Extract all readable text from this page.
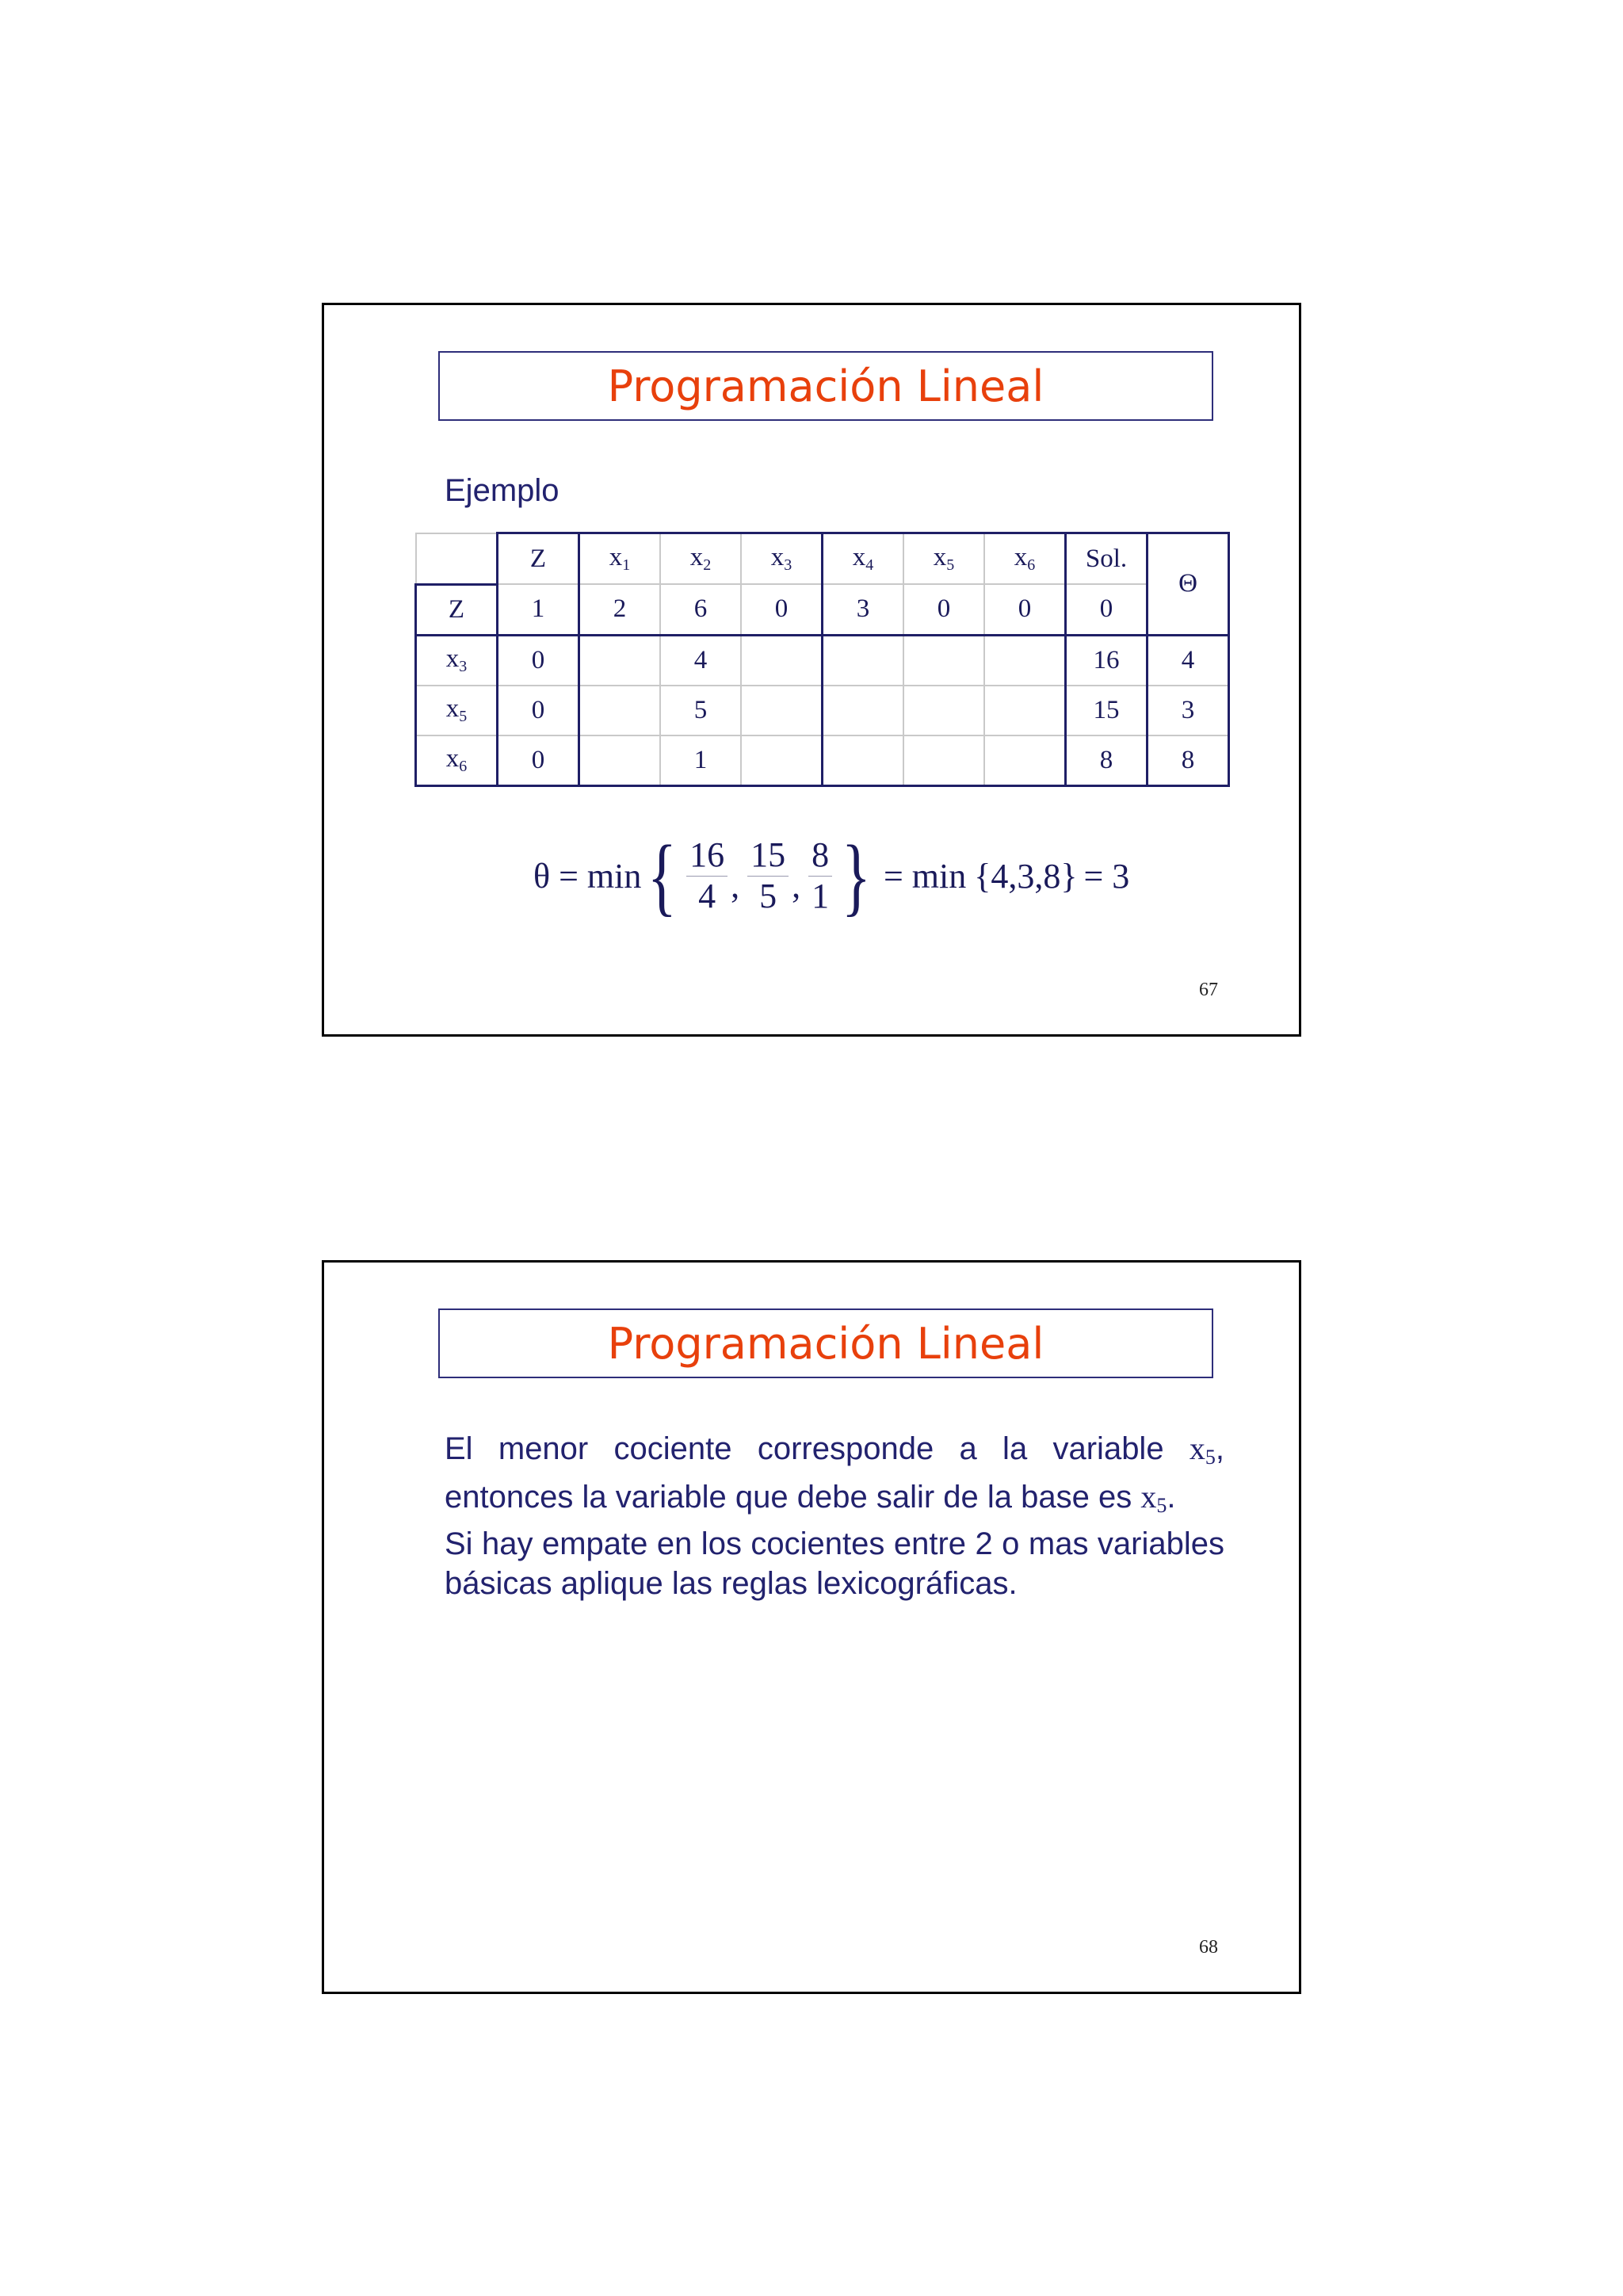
Programación Lineal
Ejemplo
	Z	$x_1$	$x_2$	$x_3$	$x_4$	$x_5$	$x_6$	Sol.	Θ
Z	1	2	6	0	3	0	0	0	
$x_3$	0		4					16	4
$x_5$	0		5					15	3
$x_6$	0		1					8	8
θ = min { $\frac{16}{4}$ , $\frac{15}{5}$ , $\frac{8}{1}$ } = min {4,3,8} = 3
67
Programación Lineal

El menor cociente corresponde a la variable $x_5$,

entonces la variable que debe salir de la base es $x_5$.

Si hay empate en los cocientes entre 2 o mas variables básicas aplique las reglas lexicográficas.

68
